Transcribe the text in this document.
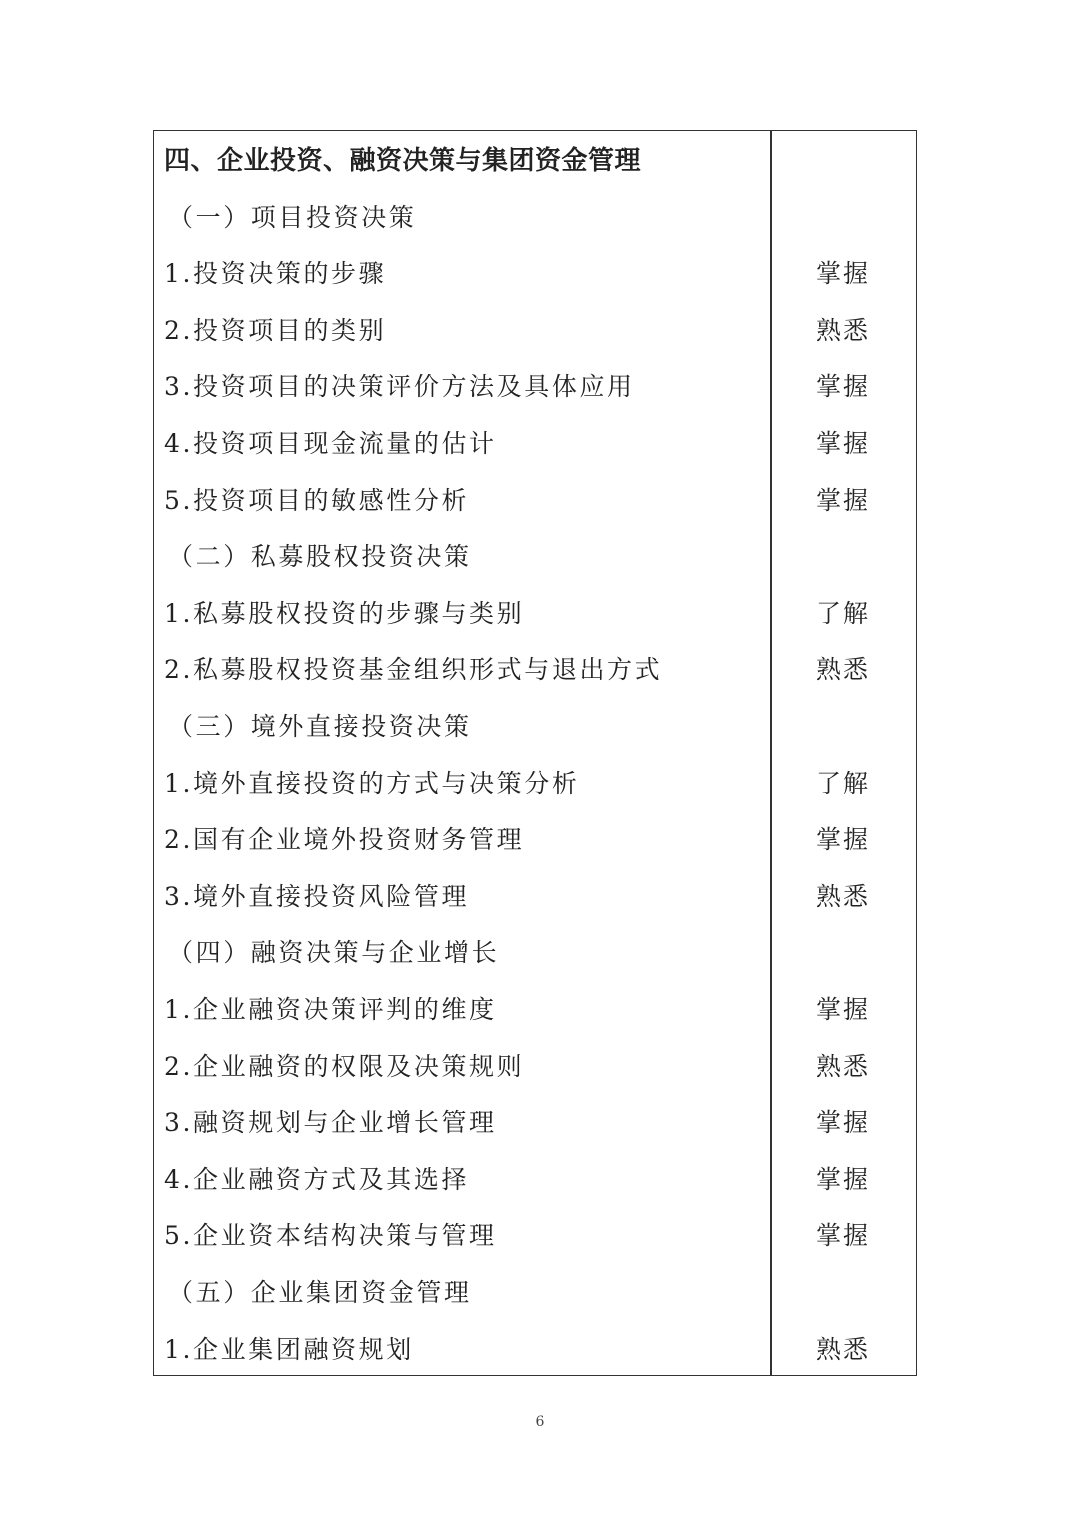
四、企业投资、融资决策与集团资金管理
（一）项目投资决策
1.投资决策的步骤	掌握
2.投资项目的类别	熟悉
3.投资项目的决策评价方法及具体应用	掌握
4.投资项目现金流量的估计	掌握
5.投资项目的敏感性分析	掌握
（二）私募股权投资决策
1.私募股权投资的步骤与类别	了解
2.私募股权投资基金组织形式与退出方式	熟悉
（三）境外直接投资决策
1.境外直接投资的方式与决策分析	了解
2.国有企业境外投资财务管理	掌握
3.境外直接投资风险管理	熟悉
（四）融资决策与企业增长
1.企业融资决策评判的维度	掌握
2.企业融资的权限及决策规则	熟悉
3.融资规划与企业增长管理	掌握
4.企业融资方式及其选择	掌握
5.企业资本结构决策与管理	掌握
（五）企业集团资金管理
1.企业集团融资规划	熟悉
6
